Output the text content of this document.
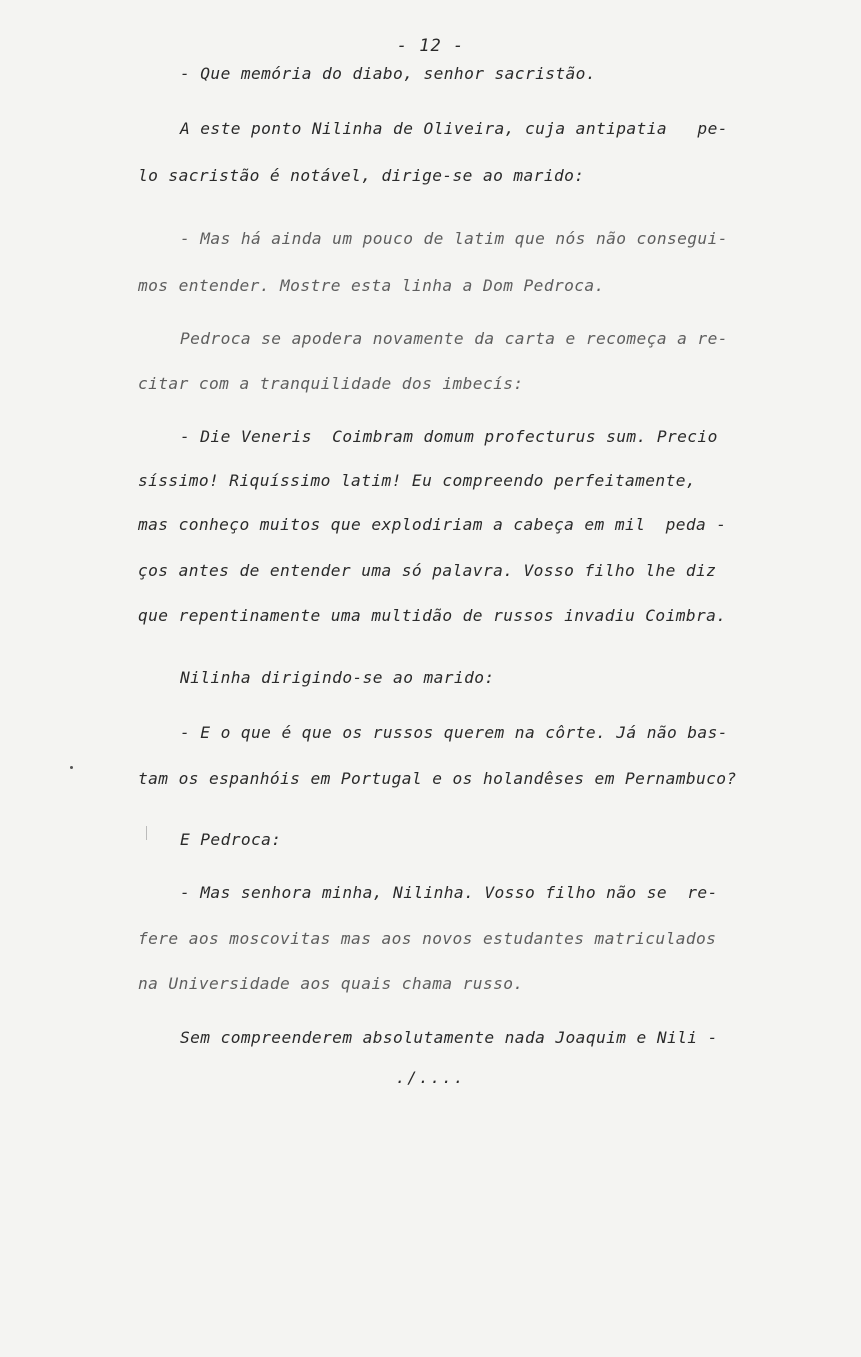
- 12 -
- Que memória do diabo, senhor sacristão.
A este ponto Nilinha de Oliveira, cuja antipatia   pe-
lo sacristão é notável, dirige-se ao marido:
- Mas há ainda um pouco de latim que nós não consegui-
mos entender. Mostre esta linha a Dom Pedroca.
Pedroca se apodera novamente da carta e recomeça a re-
citar com a tranquilidade dos imbecís:
- Die Veneris  Coimbram domum profecturus sum. Precio
síssimo! Riquíssimo latim! Eu compreendo perfeitamente,
mas conheço muitos que explodiriam a cabeça em mil  peda -
ços antes de entender uma só palavra. Vosso filho lhe diz
que repentinamente uma multidão de russos invadiu Coimbra.
Nilinha dirigindo-se ao marido:
- E o que é que os russos querem na côrte. Já não bas-
tam os espanhóis em Portugal e os holandêses em Pernambuco?
E Pedroca:
- Mas senhora minha, Nilinha. Vosso filho não se  re-
fere aos moscovitas mas aos novos estudantes matriculados
na Universidade aos quais chama russo.
Sem compreenderem absolutamente nada Joaquim e Nili -
./....
